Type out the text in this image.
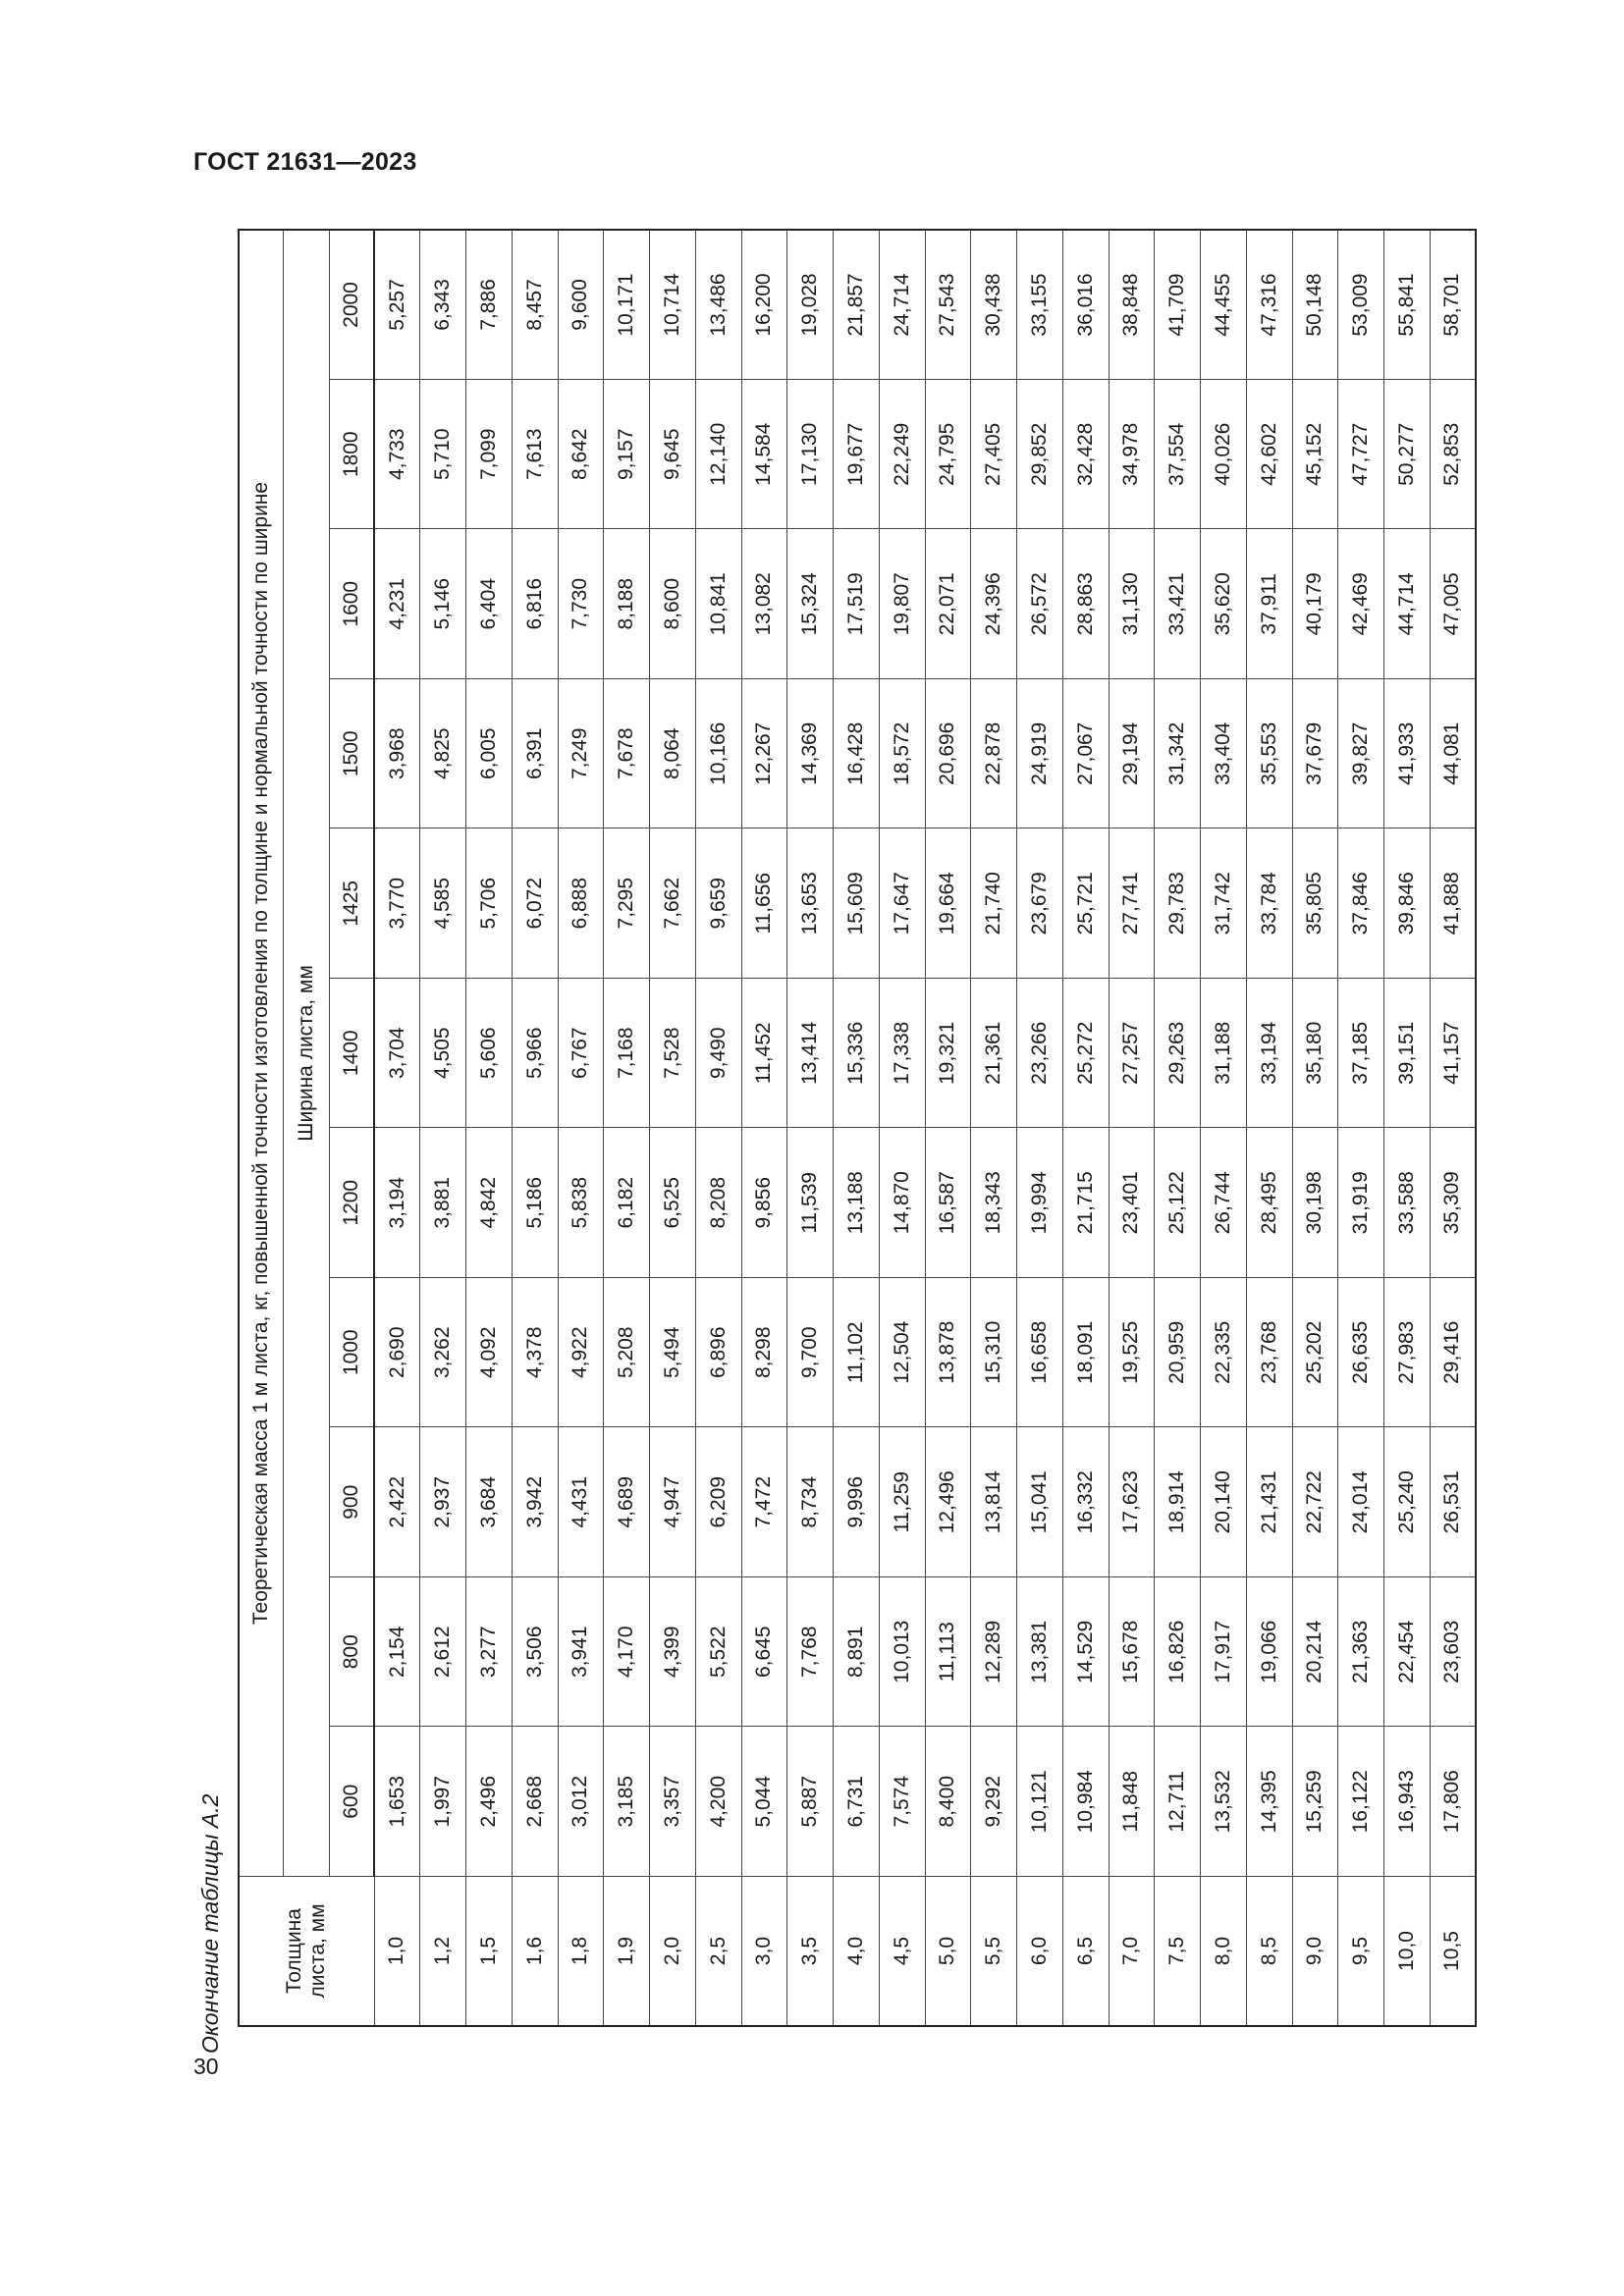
ГОСТ 21631—2023
30
Окончание таблицы А.2	Толщина листа, мм	Теоретическая масса 1 м листа, кг, повышенной точности изготовления по толщине и нормальной точности по ширине										
	Ширина листа, мм										
	600	800	900	1000	1200	1400	1425	1500	1600	1800	2000
1,0	1,653	2,154	2,422	2,690	3,194	3,704	3,770	3,968	4,231	4,733	5,257
1,2	1,997	2,612	2,937	3,262	3,881	4,505	4,585	4,825	5,146	5,710	6,343
1,5	2,496	3,277	3,684	4,092	4,842	5,606	5,706	6,005	6,404	7,099	7,886
1,6	2,668	3,506	3,942	4,378	5,186	5,966	6,072	6,391	6,816	7,613	8,457
1,8	3,012	3,941	4,431	4,922	5,838	6,767	6,888	7,249	7,730	8,642	9,600
1,9	3,185	4,170	4,689	5,208	6,182	7,168	7,295	7,678	8,188	9,157	10,171
2,0	3,357	4,399	4,947	5,494	6,525	7,528	7,662	8,064	8,600	9,645	10,714
2,5	4,200	5,522	6,209	6,896	8,208	9,490	9,659	10,166	10,841	12,140	13,486
3,0	5,044	6,645	7,472	8,298	9,856	11,452	11,656	12,267	13,082	14,584	16,200
3,5	5,887	7,768	8,734	9,700	11,539	13,414	13,653	14,369	15,324	17,130	19,028
4,0	6,731	8,891	9,996	11,102	13,188	15,336	15,609	16,428	17,519	19,677	21,857
4,5	7,574	10,013	11,259	12,504	14,870	17,338	17,647	18,572	19,807	22,249	24,714
5,0	8,400	11,113	12,496	13,878	16,587	19,321	19,664	20,696	22,071	24,795	27,543
5,5	9,292	12,289	13,814	15,310	18,343	21,361	21,740	22,878	24,396	27,405	30,438
6,0	10,121	13,381	15,041	16,658	19,994	23,266	23,679	24,919	26,572	29,852	33,155
6,5	10,984	14,529	16,332	18,091	21,715	25,272	25,721	27,067	28,863	32,428	36,016
7,0	11,848	15,678	17,623	19,525	23,401	27,257	27,741	29,194	31,130	34,978	38,848
7,5	12,711	16,826	18,914	20,959	25,122	29,263	29,783	31,342	33,421	37,554	41,709
8,0	13,532	17,917	20,140	22,335	26,744	31,188	31,742	33,404	35,620	40,026	44,455
8,5	14,395	19,066	21,431	23,768	28,495	33,194	33,784	35,553	37,911	42,602	47,316
9,0	15,259	20,214	22,722	25,202	30,198	35,180	35,805	37,679	40,179	45,152	50,148
9,5	16,122	21,363	24,014	26,635	31,919	37,185	37,846	39,827	42,469	47,727	53,009
10,0	16,943	22,454	25,240	27,983	33,588	39,151	39,846	41,933	44,714	50,277	55,841
10,5	17,806	23,603	26,531	29,416	35,309	41,157	41,888	44,081	47,005	52,853	58,701
